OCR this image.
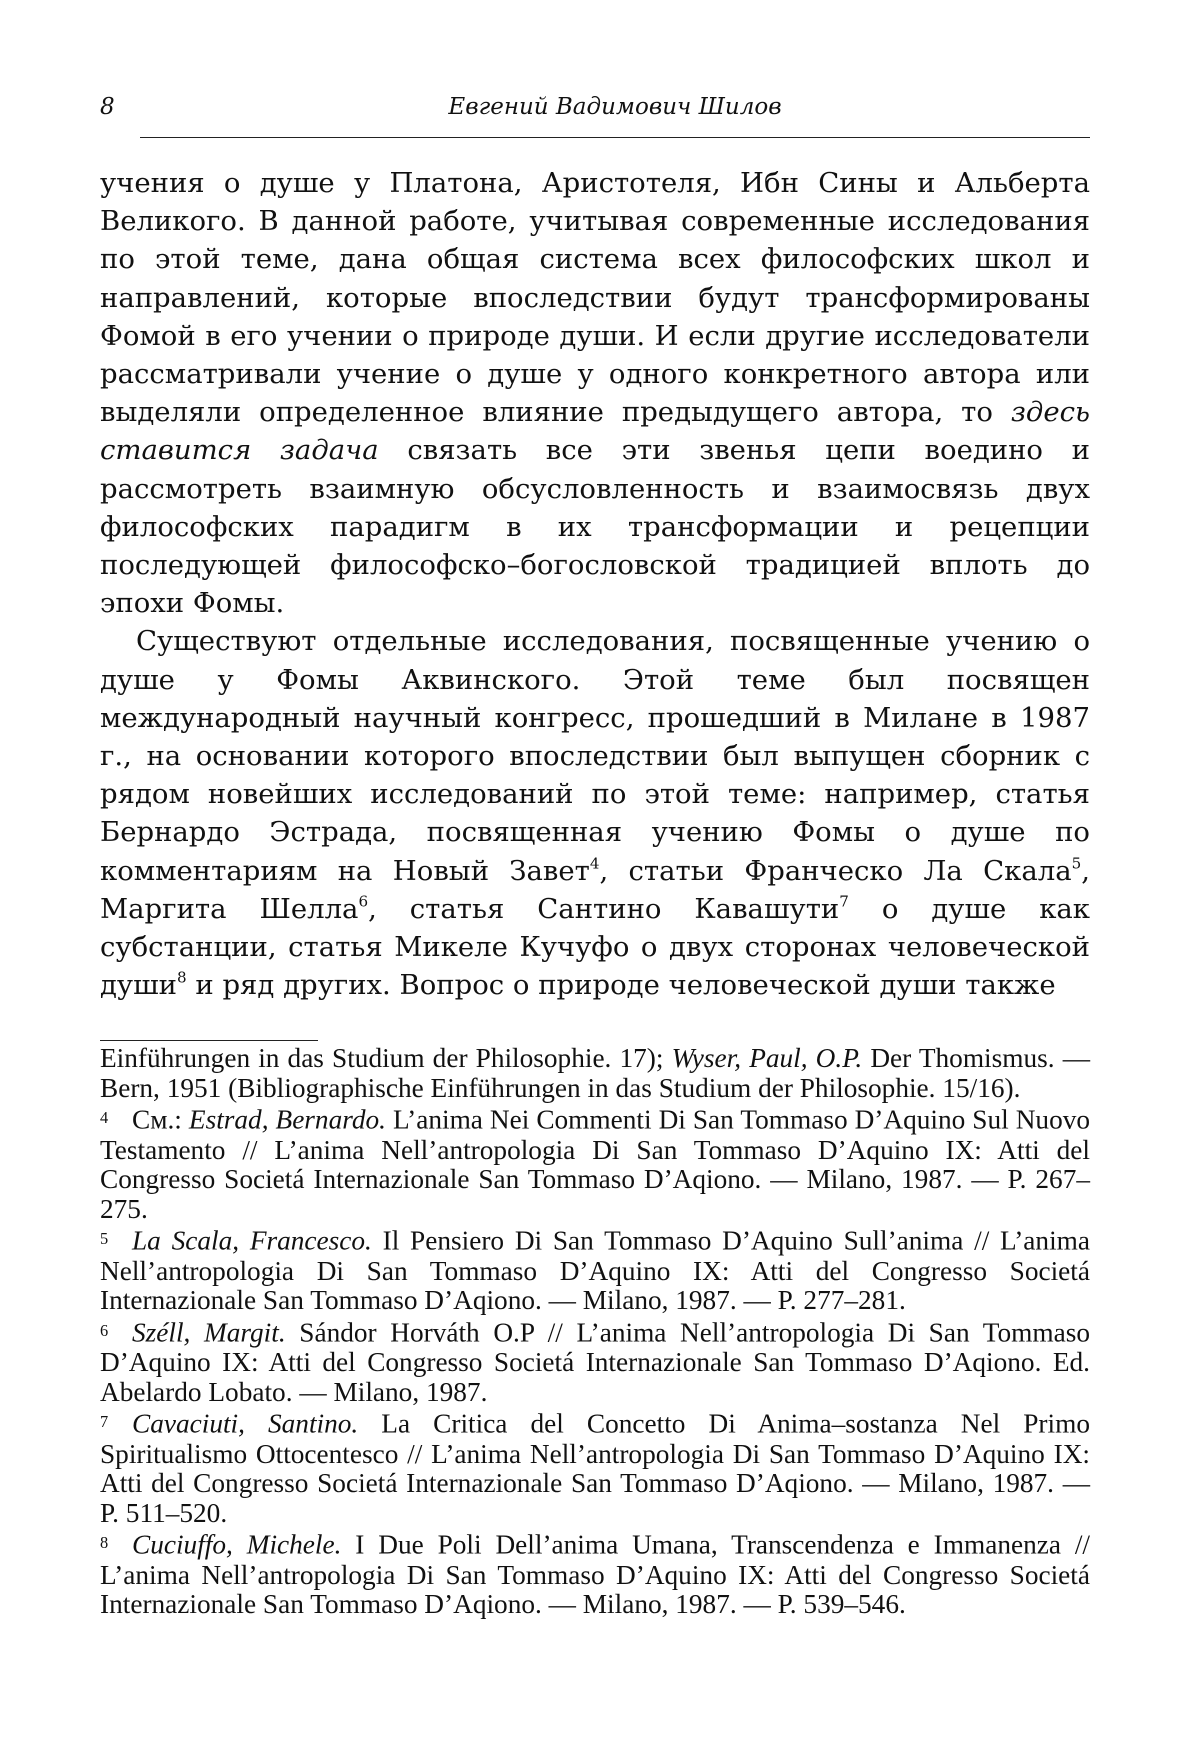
8	Евгений Вадимович Шилов

учения о душе у Платона, Аристотеля, Ибн Сины и Альберта Великого. В данной работе, учитывая современные исследования по этой теме, дана общая система всех философских школ и направлений, которые впоследствии будут трансформированы Фомой в его учении о природе души. И если другие исследователи рассматривали учение о душе у одного конкретного автора или выделяли определенное влияние предыдущего автора, то здесь ставится задача связать все эти звенья цепи воедино и рассмотреть взаимную обсусловленность и взаимосвязь двух философских парадигм в их трансформации и рецепции последующей философско–богословской традицией вплоть до эпохи Фомы.

Существуют отдельные исследования, посвященные учению о душе у Фомы Аквинского. Этой теме был посвящен международный научный конгресс, прошедший в Милане в 1987 г., на основании которого впоследствии был выпущен сборник с рядом новейших исследований по этой теме: например, статья Бернардо Эстрада, посвященная учению Фомы о душе по комментариям на Новый Завет$^4$, статьи Франческо Ла Скала$^5$, Маргита Шелла$^6$, статья Сантино Кавашути$^7$ о душе как субстанции, статья Микеле Кучуфо о двух сторонах человеческой души$^8$ и ряд других. Вопрос о природе человеческой души также

Einführungen in das Studium der Philosophie. 17); Wyser, Paul, O.P. Der Thomismus. — Bern, 1951 (Bibliographische Einführungen in das Studium der Philosophie. 15/16).

4 См.: Estrad, Bernardo. L’anima Nei Commenti Di San Tommaso D’Aquino Sul Nuovo Testamento // L’anima Nell’antropologia Di San Tommaso D’Aquino IX: Atti del Congresso Societá Internazionale San Tommaso D’Aqiono. — Milano, 1987. — P. 267–275.

5 La Scala, Francesco. Il Pensiero Di San Tommaso D’Aquino Sull’anima // L’anima Nell’antropologia Di San Tommaso D’Aquino IX: Atti del Congresso Societá Internazionale San Tommaso D’Aqiono. — Milano, 1987. — P. 277–281.

6 Széll, Margit. Sándor Horváth O.P // L’anima Nell’antropologia Di San Tommaso D’Aquino IX: Atti del Congresso Societá Internazionale San Tommaso D’Aqiono. Ed. Abelardo Lobato. — Milano, 1987.

7 Cavaciuti, Santino. La Critica del Concetto Di Anima–sostanza Nel Primo Spiritualismo Ottocentesco // L’anima Nell’antropologia Di San Tommaso D’Aquino IX: Atti del Congresso Societá Internazionale San Tommaso D’Aqiono. — Milano, 1987. — P. 511–520.

8 Cuciuffo, Michele. I Due Poli Dell’anima Umana, Transcendenza e Immanenza // L’anima Nell’antropologia Di San Tommaso D’Aquino IX: Atti del Congresso Societá Internazionale San Tommaso D’Aqiono. — Milano, 1987. — P. 539–546.
